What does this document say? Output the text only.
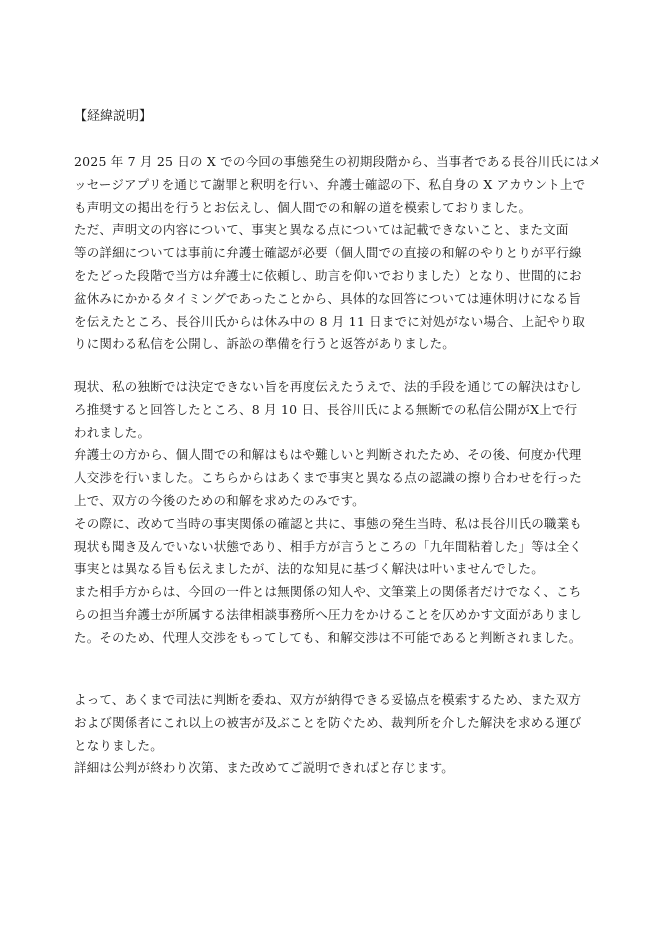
【経緯説明】
2025 年 7 月 25 日の X での今回の事態発生の初期段階から、当事者である長谷川氏にはメ
ッセージアプリを通じて謝罪と釈明を行い、弁護士確認の下、私自身の X アカウント上で
も声明文の掲出を行うとお伝えし、個人間での和解の道を模索しておりました。
ただ、声明文の内容について、事実と異なる点については記載できないこと、また文面
等の詳細については事前に弁護士確認が必要（個人間での直接の和解のやりとりが平行線
をたどった段階で当方は弁護士に依頼し、助言を仰いでおりました）となり、世間的にお
盆休みにかかるタイミングであったことから、具体的な回答については連休明けになる旨
を伝えたところ、長谷川氏からは休み中の 8 月 11 日までに対処がない場合、上記やり取
りに関わる私信を公開し、訴訟の準備を行うと返答がありました。
現状、私の独断では決定できない旨を再度伝えたうえで、法的手段を通じての解決はむし
ろ推奨すると回答したところ、8 月 10 日、長谷川氏による無断での私信公開がX上で行
われました。
弁護士の方から、個人間での和解はもはや難しいと判断されたため、その後、何度か代理
人交渉を行いました。こちらからはあくまで事実と異なる点の認識の擦り合わせを行った
上で、双方の今後のための和解を求めたのみです。
その際に、改めて当時の事実関係の確認と共に、事態の発生当時、私は長谷川氏の職業も
現状も聞き及んでいない状態であり、相手方が言うところの「九年間粘着した」等は全く
事実とは異なる旨も伝えましたが、法的な知見に基づく解決は叶いませんでした。
また相手方からは、今回の一件とは無関係の知人や、文筆業上の関係者だけでなく、こち
らの担当弁護士が所属する法律相談事務所へ圧力をかけることを仄めかす文面がありまし
た。そのため、代理人交渉をもってしても、和解交渉は不可能であると判断されました。
よって、あくまで司法に判断を委ね、双方が納得できる妥協点を模索するため、また双方
および関係者にこれ以上の被害が及ぶことを防ぐため、裁判所を介した解決を求める運び
となりました。
詳細は公判が終わり次第、また改めてご説明できればと存じます。
